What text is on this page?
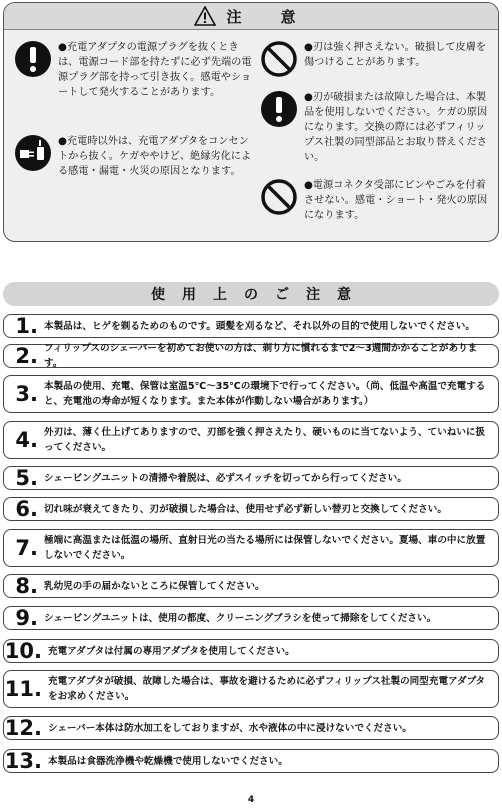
注　意
●充電アダプタの電源プラグを抜くときは、電源コード部を持たずに必ず先端の電源プラグ部を持って引き抜く。感電やショートして発火することがあります。
●充電時以外は、充電アダプタをコンセントから抜く。ケガややけど、絶縁劣化による感電・漏電・火災の原因となります。
●刃は強く押さえない。破損して皮膚を傷つけることがあります。
●刃が破損または故障した場合は、本製品を使用しないでください。ケガの原因になります。交換の際には必ずフィリップス社製の同型部品とお取り替えください。
●電源コネクタ受部にピンやごみを付着させない。感電・ショート・発火の原因になります。
使用上のご注意
1. 本製品は、ヒゲを剃るためのものです。頭髪を刈るなど、それ以外の目的で使用しないでください。
2. フィリップスのシェーバーを初めてお使いの方は、剃り方に慣れるまで2〜3週間かかることがあります。
3. 本製品の使用、充電、保管は室温5℃〜35℃の環境下で行ってください。（尚、低温や高温で充電すると、充電池の寿命が短くなります。また本体が作動しない場合があります。）
4. 外刃は、薄く仕上げてありますので、刃部を強く押さえたり、硬いものに当てないよう、ていねいに扱ってください。
5. シェービングユニットの清掃や着脱は、必ずスイッチを切ってから行ってください。
6. 切れ味が衰えてきたり、刃が破損した場合は、使用せず必ず新しい替刃と交換してください。
7. 極端に高温または低温の場所、直射日光の当たる場所には保管しないでください。夏場、車の中に放置しないでください。
8. 乳幼児の手の届かないところに保管してください。
9. シェービングユニットは、使用の都度、クリーニングブラシを使って掃除をしてください。
10. 充電アダプタは付属の専用アダプタを使用してください。
11. 充電アダプタが破損、故障した場合は、事故を避けるために必ずフィリップス社製の同型充電アダプタをお求めください。
12. シェーバー本体は防水加工をしておりますが、水や液体の中に浸けないでください。
13. 本製品は食器洗浄機や乾燥機で使用しないでください。
4
